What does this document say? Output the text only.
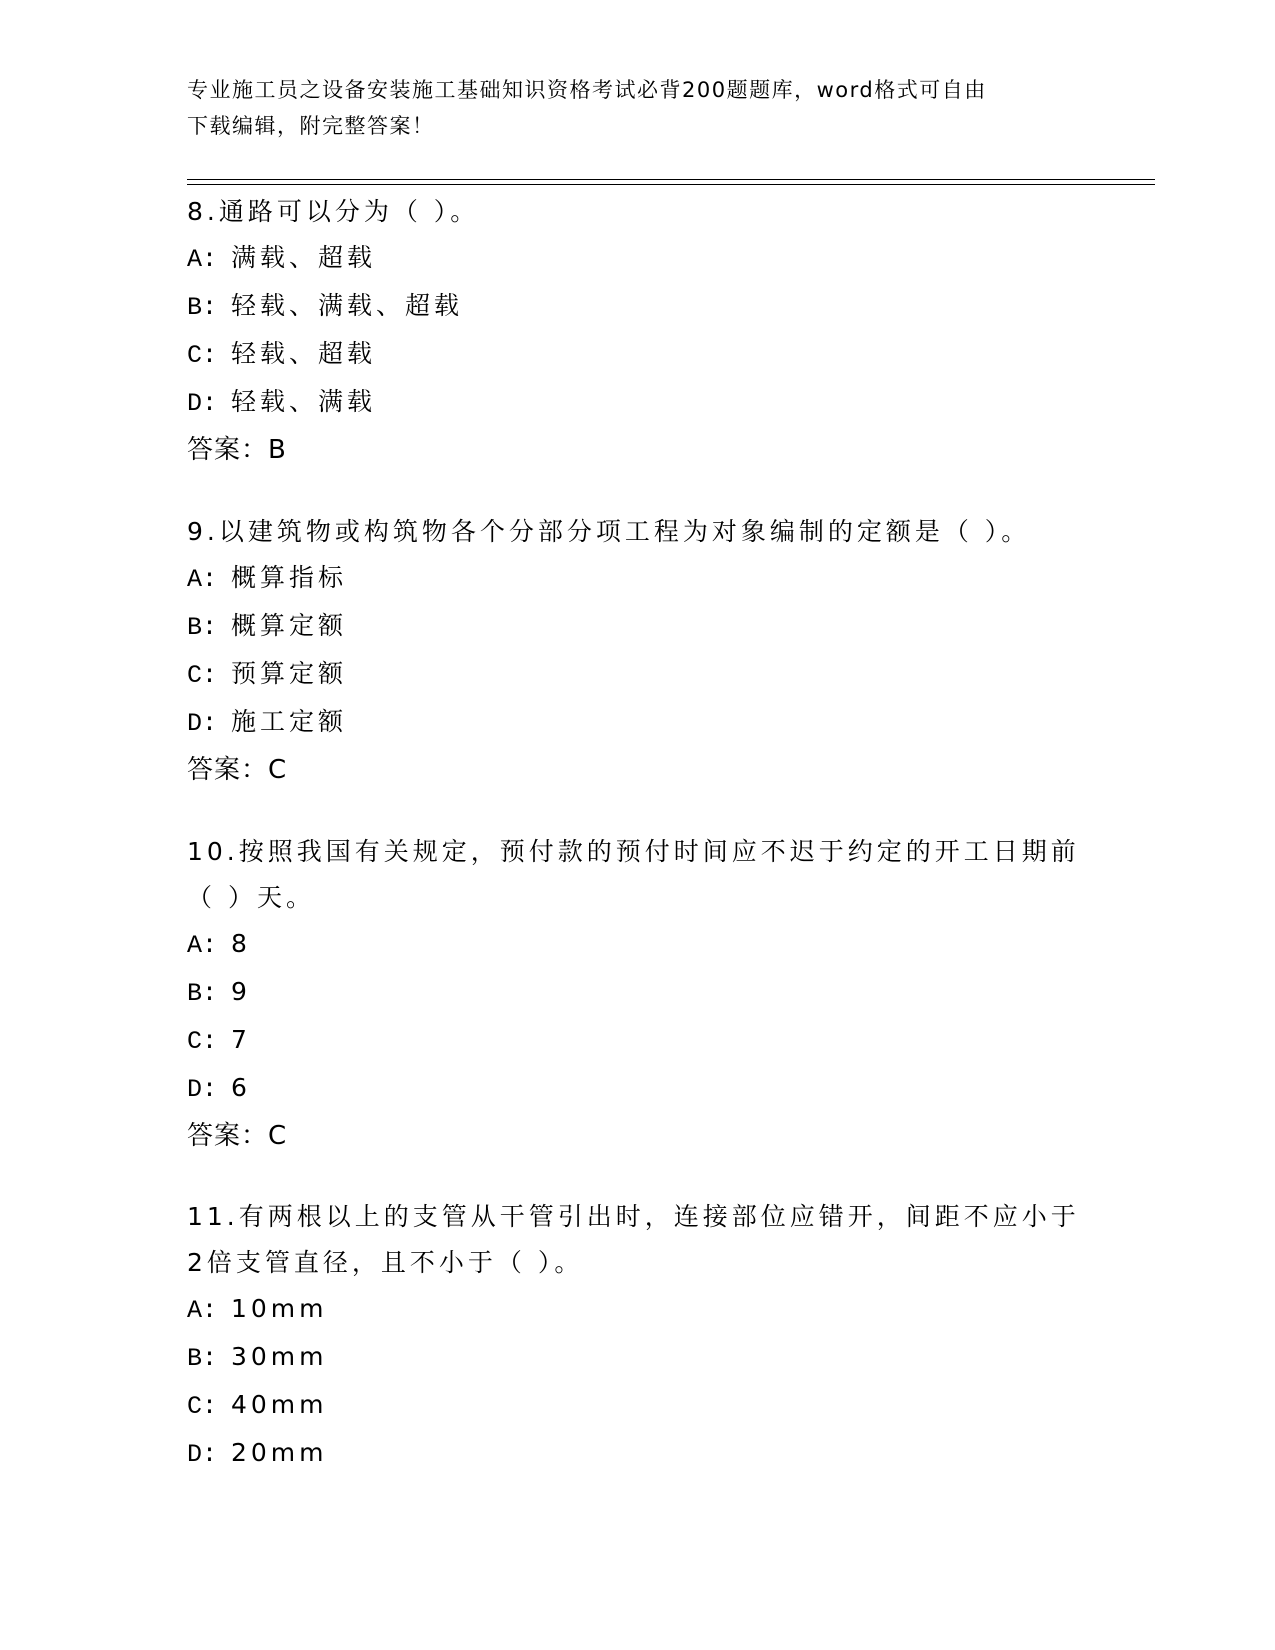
专业施工员之设备安装施工基础知识资格考试必背200题题库，word格式可自由
下载编辑，附完整答案！

8.通路可以分为（ ）。

A: 满载、超载

B: 轻载、满载、超载

C: 轻载、超载

D: 轻载、满载

答案：B

9.以建筑物或构筑物各个分部分项工程为对象编制的定额是（ ）。

A: 概算指标

B: 概算定额

C: 预算定额

D: 施工定额

答案：C

10.按照我国有关规定，预付款的预付时间应不迟于约定的开工日期前（ ）天。

A: 8

B: 9

C: 7

D: 6

答案：C

11.有两根以上的支管从干管引出时，连接部位应错开，间距不应小于2倍支管直径，且不小于（ ）。

A: 10mm

B: 30mm

C: 40mm

D: 20mm
